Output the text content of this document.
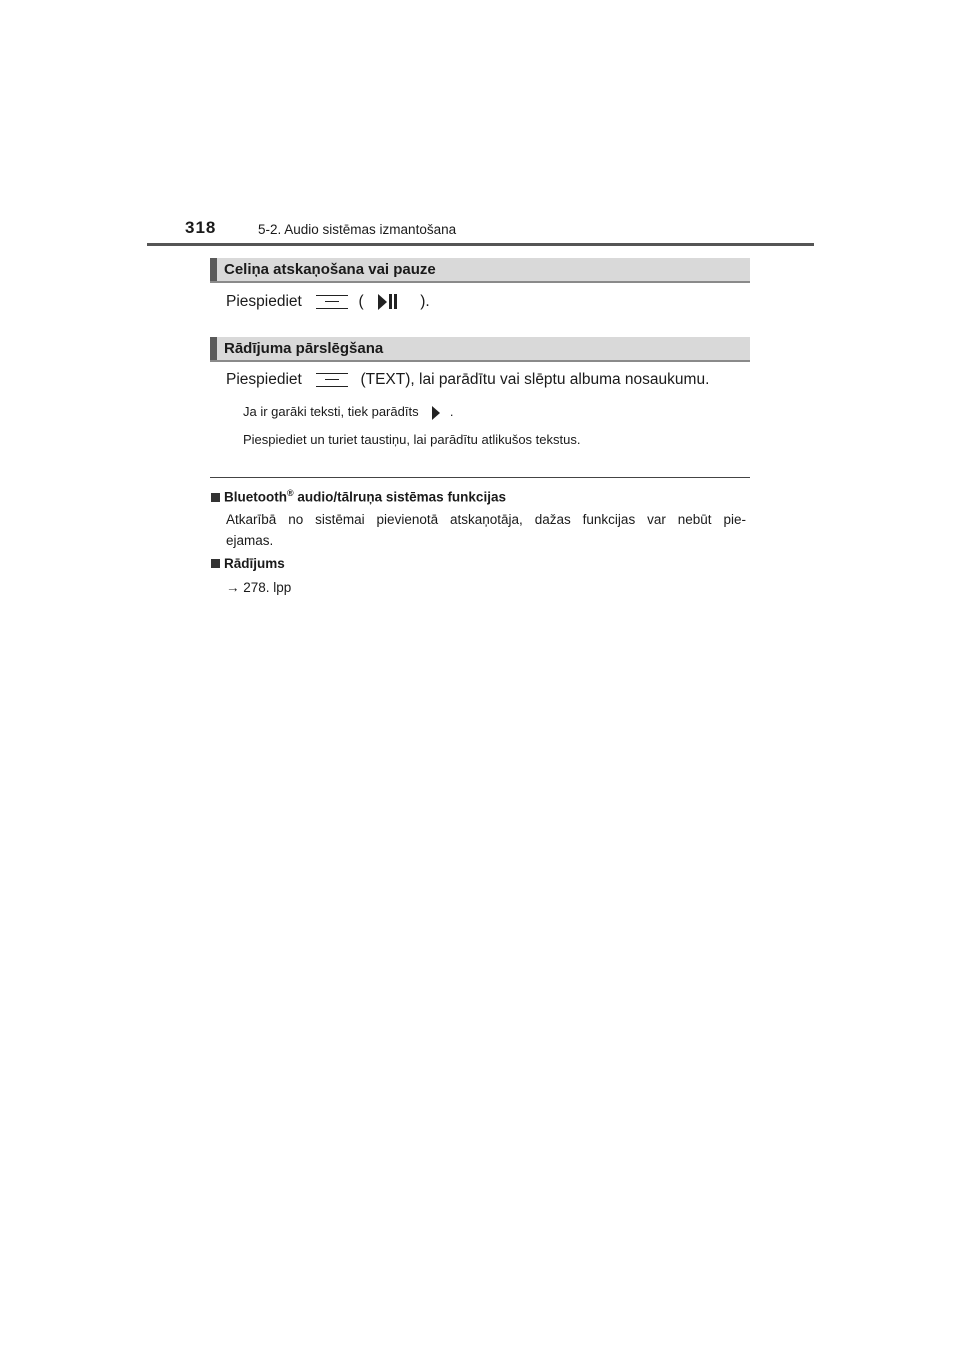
318	5-2. Audio sistēmas izmantošana
Celiņa atskaņošana vai pauze
Piespiediet	(	).
Rādījuma pārslēgšana
Piespiediet	(TEXT), lai parādītu vai slēptu albuma nosaukumu.
Ja ir garāki teksti, tiek parādīts .
Piespiediet un turiet taustiņu, lai parādītu atlikušos tekstus.
Bluetooth® audio/tālruņa sistēmas funkcijas
Atkarībā no sistēmai pievienotā atskaņotāja, dažas funkcijas var nebūt pie-
ejamas.
Rādījums
→ 278. lpp
